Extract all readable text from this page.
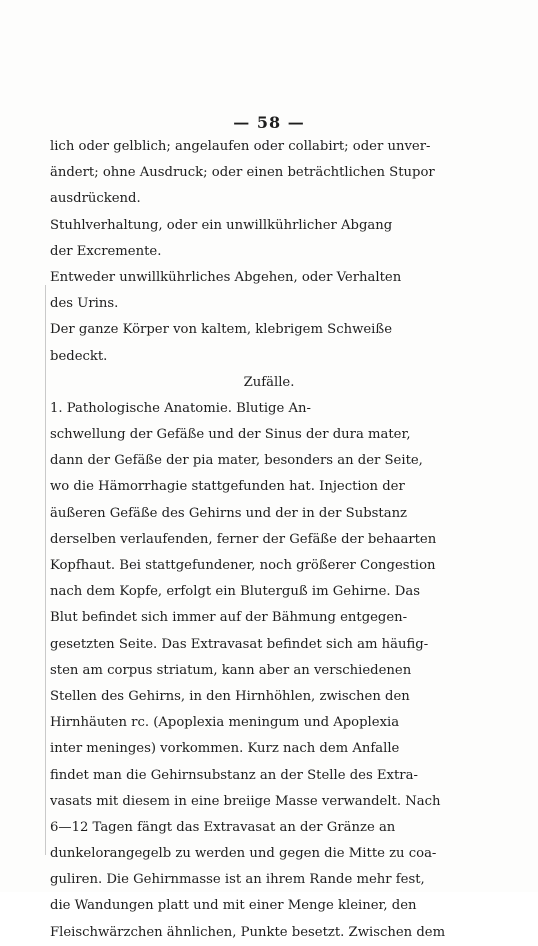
— 58 —
lich oder gelblich; angelaufen oder collabirt; oder unver-
ändert; ohne Ausdruck; oder einen beträchtlichen Stupor
ausdrückend.
Stuhlverhaltung, oder ein unwillkührlicher Abgang
der Excremente.
Entweder unwillkührliches Abgehen, oder Verhalten
des Urins.
Der ganze Körper von kaltem, klebrigem Schweiße
bedeckt.
Zufälle.
1. Pathologische Anatomie. Blutige An-
schwellung der Gefäße und der Sinus der dura mater,
dann der Gefäße der pia mater, besonders an der Seite,
wo die Hämorrhagie stattgefunden hat. Injection der
äußeren Gefäße des Gehirns und der in der Substanz
derselben verlaufenden, ferner der Gefäße der behaarten
Kopfhaut. Bei stattgefundener, noch größerer Congestion
nach dem Kopfe, erfolgt ein Bluterguß im Gehirne. Das
Blut befindet sich immer auf der Bähmung entgegen-
gesetzten Seite. Das Extravasat befindet sich am häufig-
sten am corpus striatum, kann aber an verschiedenen
Stellen des Gehirns, in den Hirnhöhlen, zwischen den
Hirnhäuten rc. (Apoplexia meningum und Apoplexia
inter meninges) vorkommen. Kurz nach dem Anfalle
findet man die Gehirnsubstanz an der Stelle des Extra-
vasats mit diesem in eine breiige Masse verwandelt. Nach
6—12 Tagen fängt das Extravasat an der Gränze an
dunkelorangegelb zu werden und gegen die Mitte zu coa-
guliren. Die Gehirnmasse ist an ihrem Rande mehr fest,
die Wandungen platt und mit einer Menge kleiner, den
Fleischwärzchen ähnlichen, Punkte besetzt. Zwischen dem
